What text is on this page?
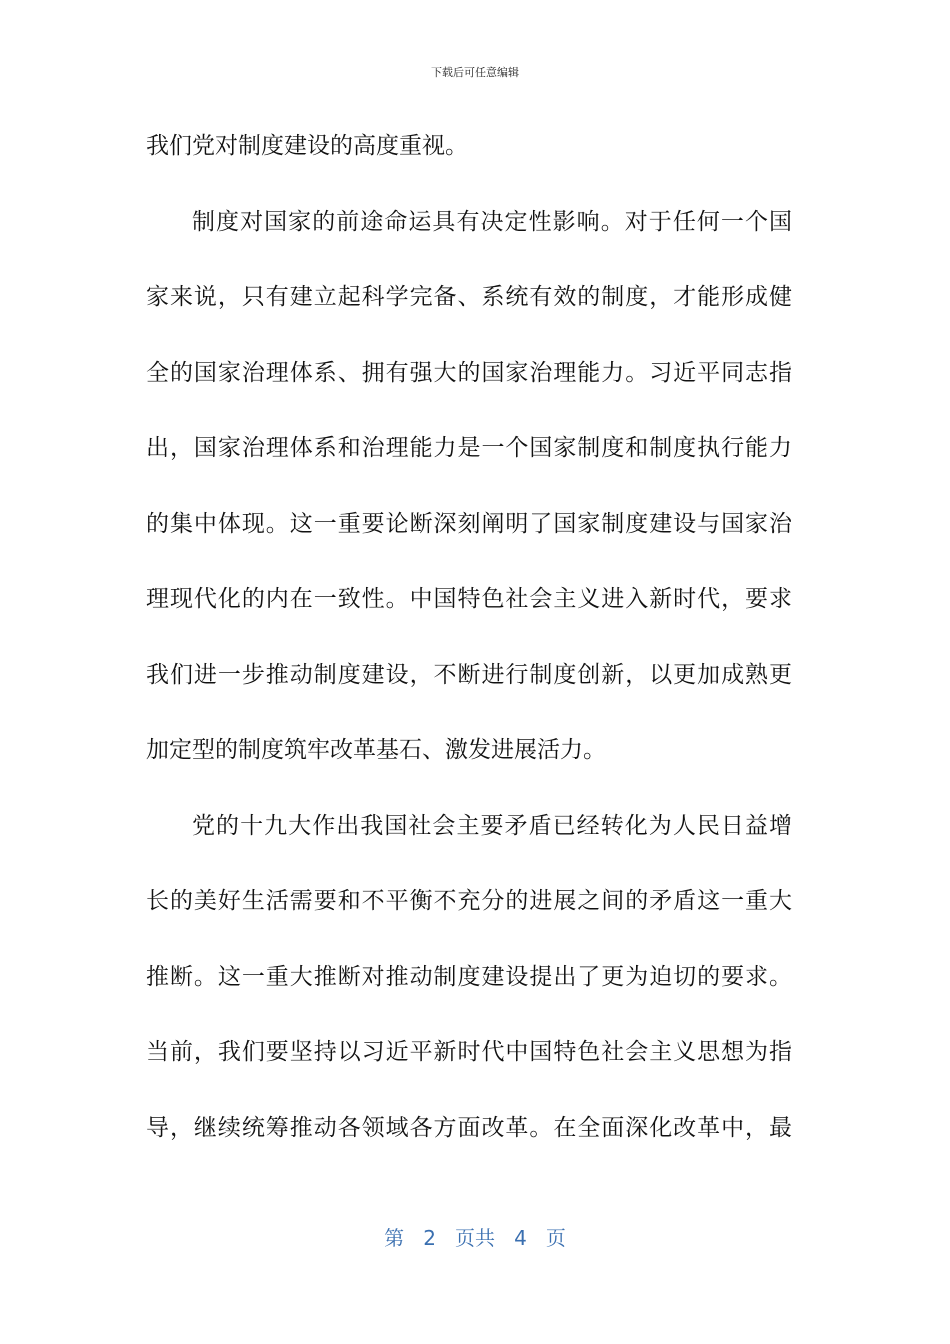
下载后可任意编辑
我们党对制度建设的高度重视。
制度对国家的前途命运具有决定性影响。对于任何一个国
家来说，只有建立起科学完备、系统有效的制度，才能形成健
全的国家治理体系、拥有强大的国家治理能力。习近平同志指
出，国家治理体系和治理能力是一个国家制度和制度执行能力
的集中体现。这一重要论断深刻阐明了国家制度建设与国家治
理现代化的内在一致性。中国特色社会主义进入新时代，要求
我们进一步推动制度建设，不断进行制度创新，以更加成熟更
加定型的制度筑牢改革基石、激发进展活力。
党的十九大作出我国社会主要矛盾已经转化为人民日益增
长的美好生活需要和不平衡不充分的进展之间的矛盾这一重大
推断。这一重大推断对推动制度建设提出了更为迫切的要求。
当前，我们要坚持以习近平新时代中国特色社会主义思想为指
导，继续统筹推动各领域各方面改革。在全面深化改革中，最
第 2 页共 4 页
